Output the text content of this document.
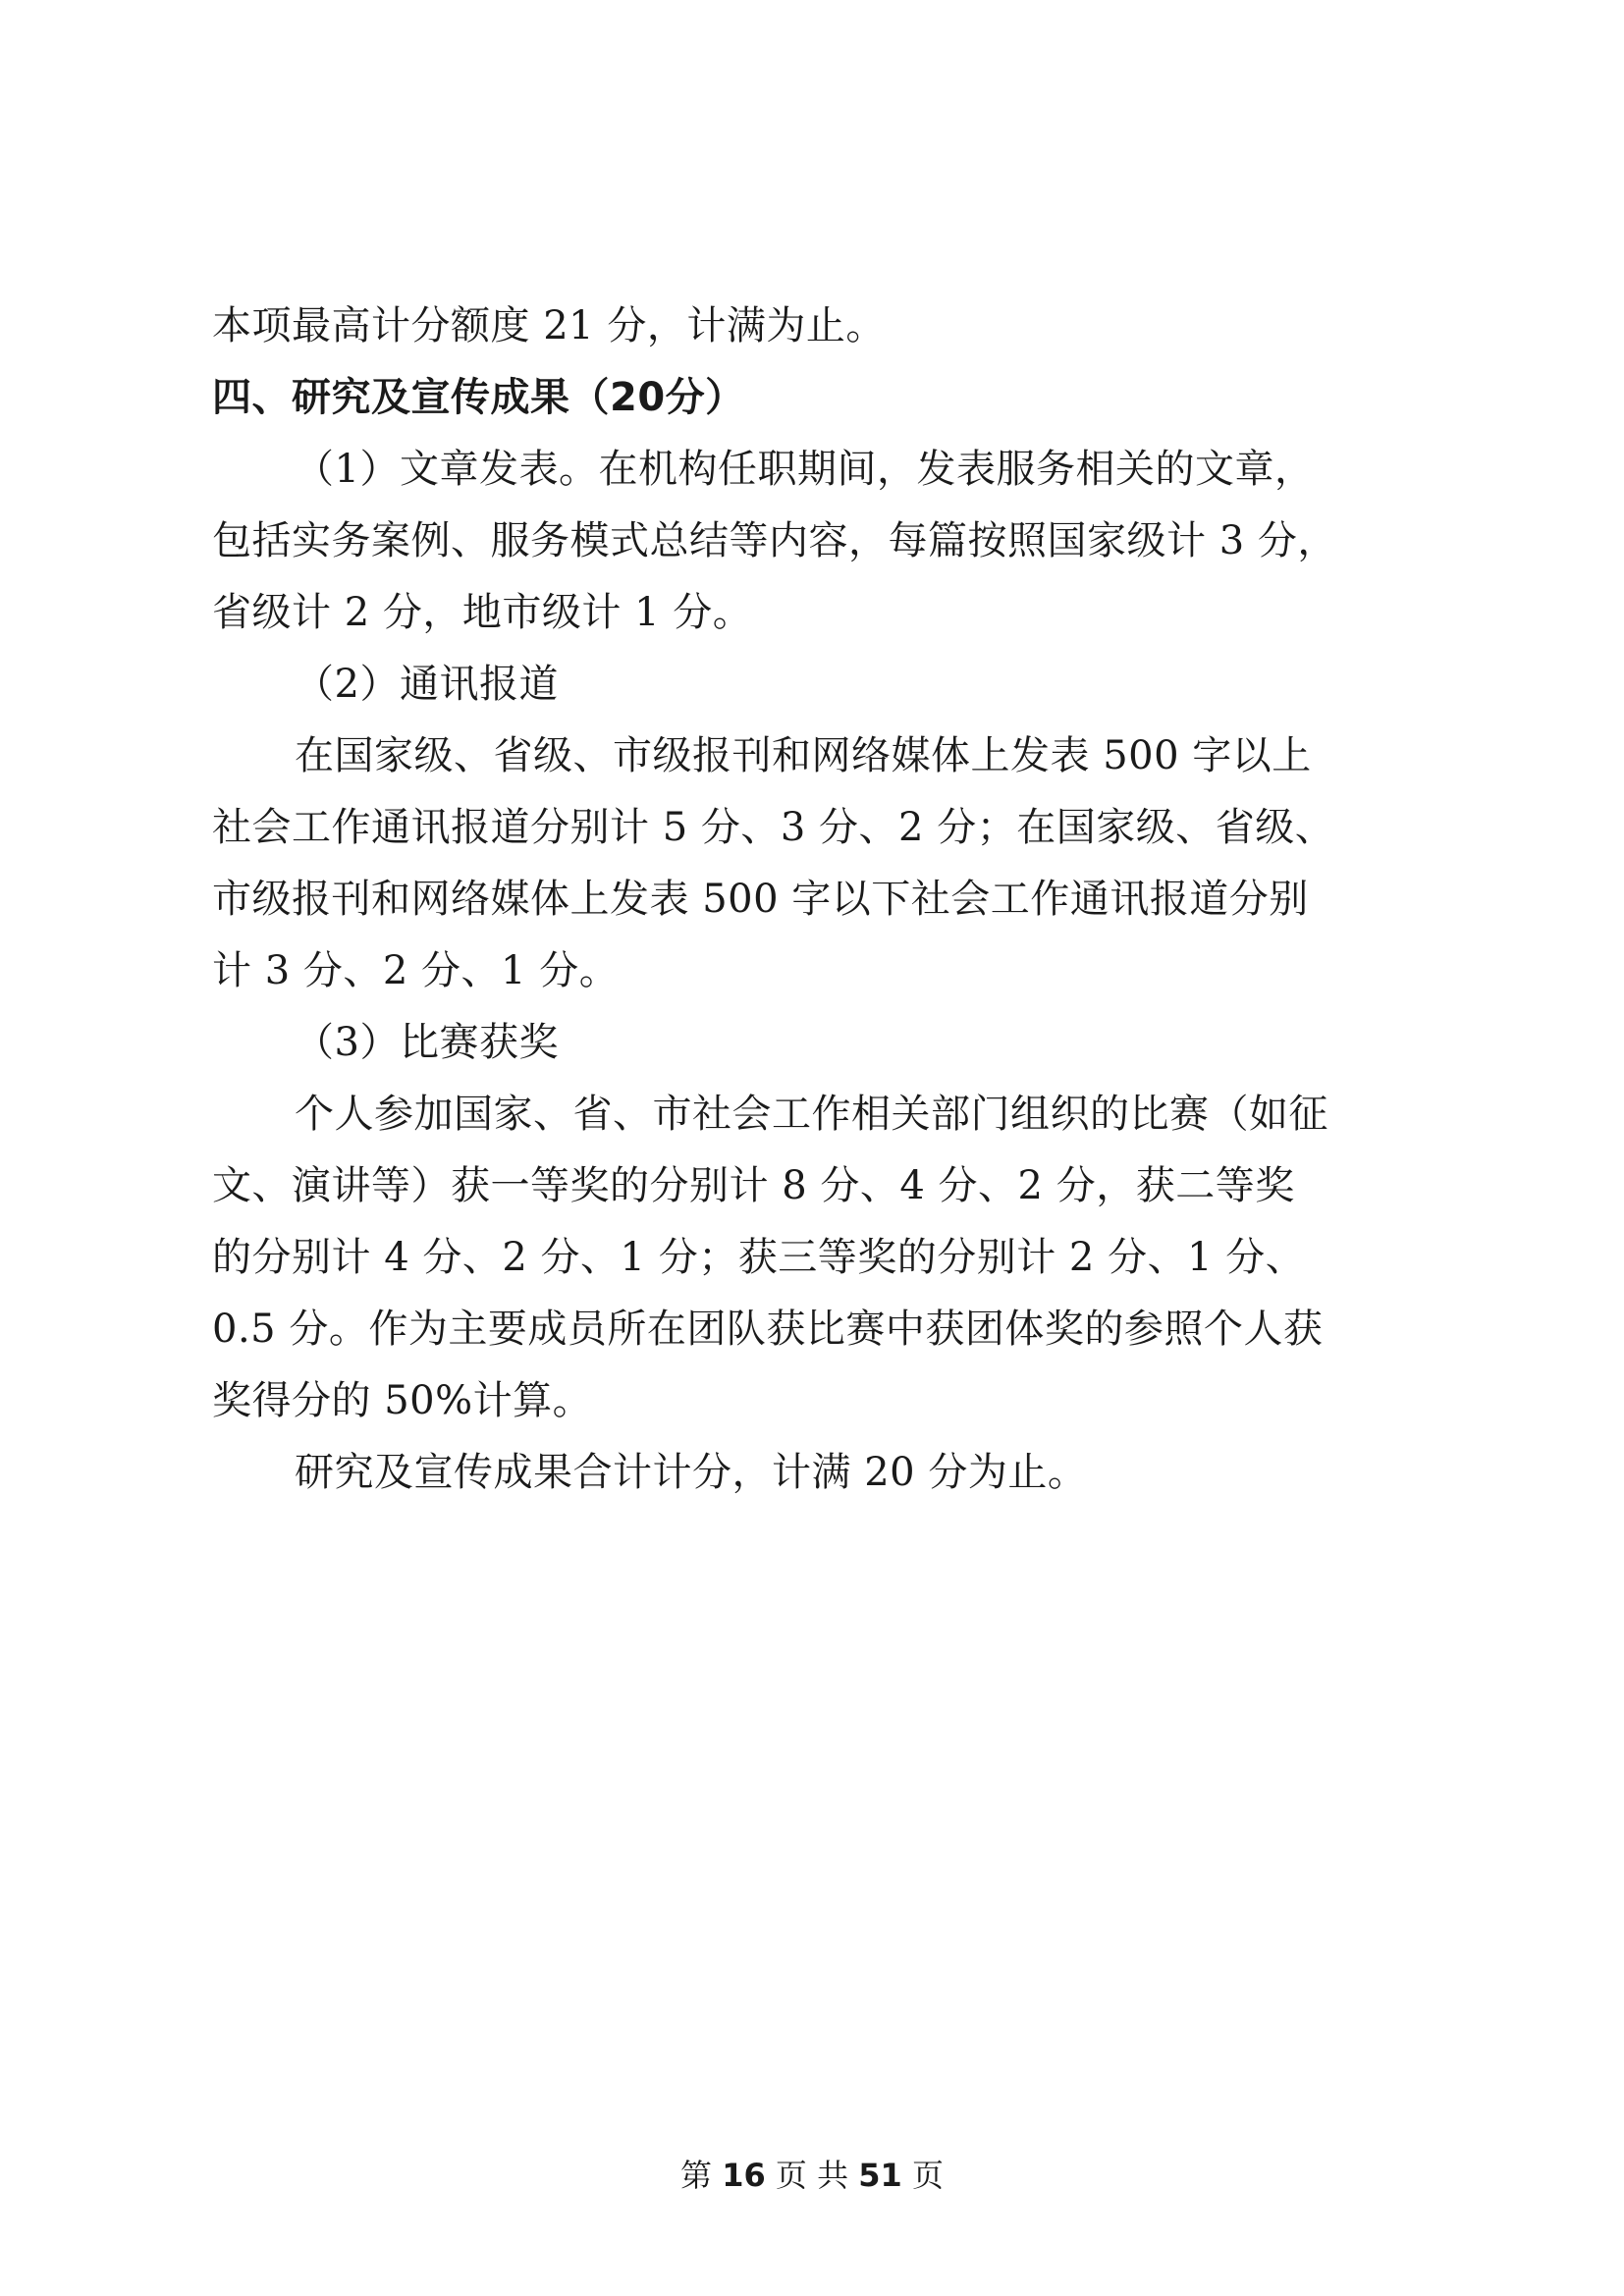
本项最高计分额度 21 分，计满为止。
四、研究及宣传成果（20分）
（1）文章发表。在机构任职期间，发表服务相关的文章，
包括实务案例、服务模式总结等内容，每篇按照国家级计 3 分，
省级计 2 分，地市级计 1 分。
（2）通讯报道
在国家级、省级、市级报刊和网络媒体上发表 500 字以上
社会工作通讯报道分别计 5 分、3 分、2 分；在国家级、省级、
市级报刊和网络媒体上发表 500 字以下社会工作通讯报道分别
计 3 分、2 分、1 分。
（3）比赛获奖
个人参加国家、省、市社会工作相关部门组织的比赛（如征
文、演讲等）获一等奖的分别计 8 分、4 分、2 分，获二等奖
的分别计 4 分、2 分、1 分；获三等奖的分别计 2 分、1 分、
0.5 分。作为主要成员所在团队获比赛中获团体奖的参照个人获
奖得分的 50%计算。
研究及宣传成果合计计分，计满 20 分为止。
第 16 页 共 51 页
